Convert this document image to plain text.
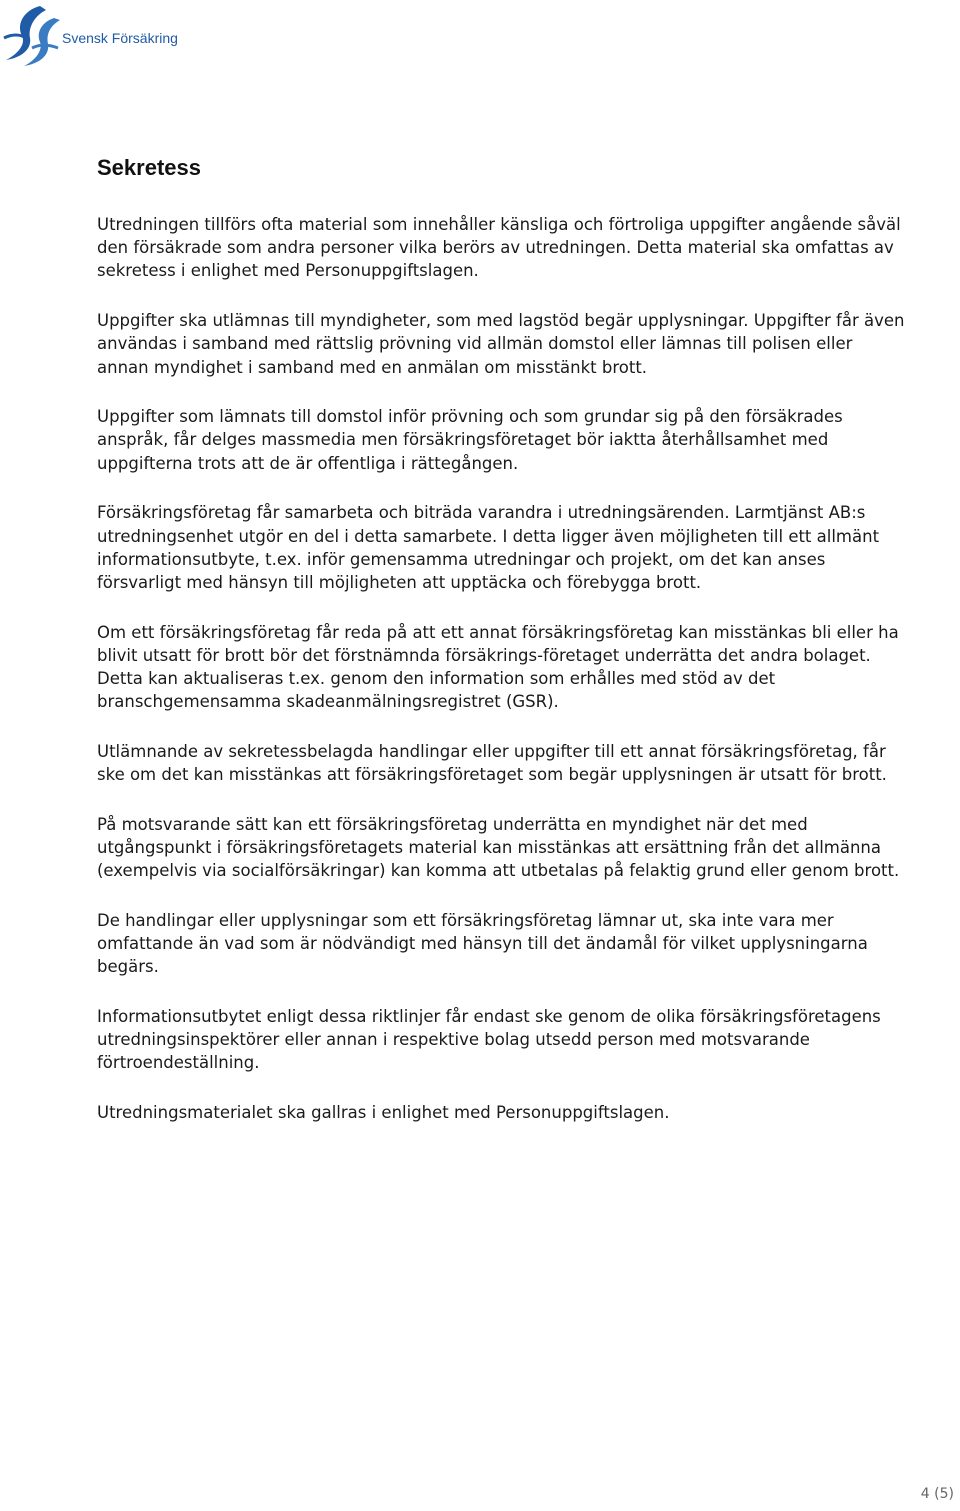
Svensk Försäkring
Sekretess

Utredningen tillförs ofta material som innehåller känsliga och förtroliga uppgifter angående såväl den försäkrade som andra personer vilka berörs av utredningen. Detta material ska omfattas av sekretess i enlighet med Personuppgiftslagen.

Uppgifter ska utlämnas till myndigheter, som med lagstöd begär upplysningar. Uppgifter får även användas i samband med rättslig prövning vid allmän domstol eller lämnas till polisen eller annan myndighet i samband med en anmälan om misstänkt brott.

Uppgifter som lämnats till domstol inför prövning och som grundar sig på den försäkrades anspråk, får delges massmedia men försäkringsföretaget bör iaktta återhållsamhet med uppgifterna trots att de är offentliga i rättegången.

Försäkringsföretag får samarbeta och biträda varandra i utredningsärenden. Larmtjänst AB:s utredningsenhet utgör en del i detta samarbete. I detta ligger även möjligheten till ett allmänt informationsutbyte, t.ex. inför gemensamma utredningar och projekt, om det kan anses försvarligt med hänsyn till möjligheten att upptäcka och förebygga brott.

Om ett försäkringsföretag får reda på att ett annat försäkringsföretag kan misstänkas bli eller ha blivit utsatt för brott bör det förstnämnda försäkrings-företaget underrätta det andra bolaget. Detta kan aktualiseras t.ex. genom den information som erhålles med stöd av det branschgemensamma skadeanmälningsregistret (GSR).

Utlämnande av sekretessbelagda handlingar eller uppgifter till ett annat försäkringsföretag, får ske om det kan misstänkas att försäkringsföretaget som begär upplysningen är utsatt för brott.

På motsvarande sätt kan ett försäkringsföretag underrätta en myndighet när det med utgångspunkt i försäkringsföretagets material kan misstänkas att ersättning från det allmänna (exempelvis via socialförsäkringar) kan komma att utbetalas på felaktig grund eller genom brott.

De handlingar eller upplysningar som ett försäkringsföretag lämnar ut, ska inte vara mer omfattande än vad som är nödvändigt med hänsyn till det ändamål för vilket upplysningarna begärs.

Informationsutbytet enligt dessa riktlinjer får endast ske genom de olika försäkringsföretagens utredningsinspektörer eller annan i respektive bolag utsedd person med motsvarande förtroendeställning.

Utredningsmaterialet ska gallras i enlighet med Personuppgiftslagen.

4 (5)
